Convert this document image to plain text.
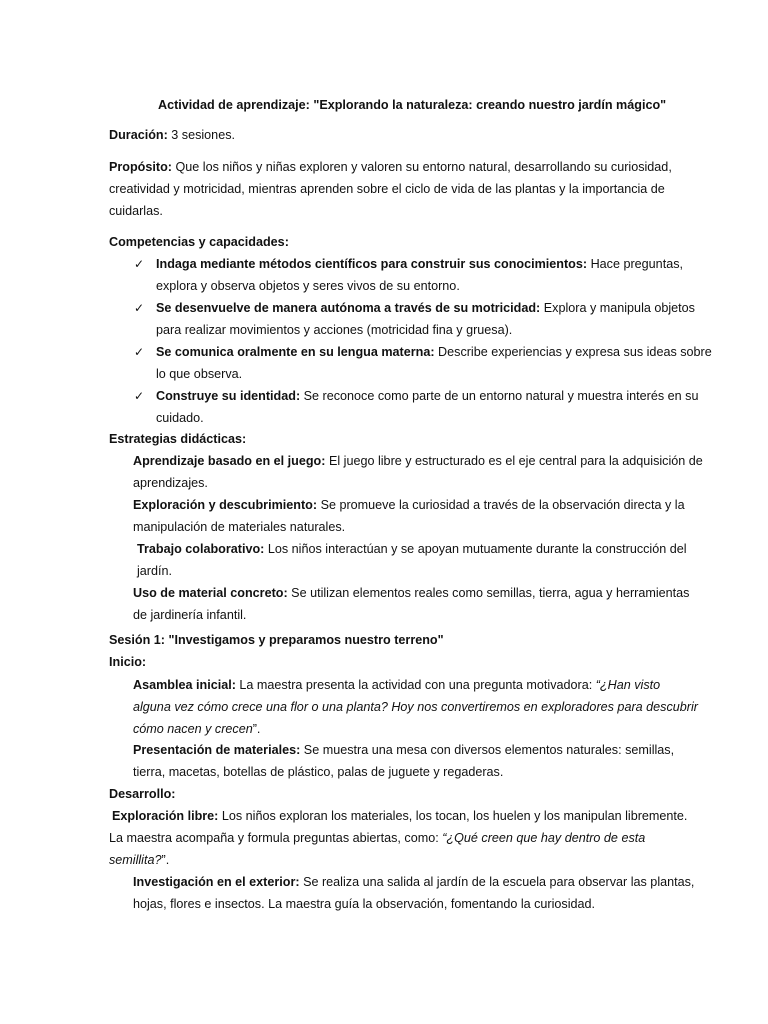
Actividad de aprendizaje: "Explorando la naturaleza: creando nuestro jardín mágico"
Duración: 3 sesiones.
Propósito: Que los niños y niñas exploren y valoren su entorno natural, desarrollando su curiosidad,
creatividad y motricidad, mientras aprenden sobre el ciclo de vida de las plantas y la importancia de
cuidarlas.
Competencias y capacidades:
✓ Indaga mediante métodos científicos para construir sus conocimientos: Hace preguntas,
explora y observa objetos y seres vivos de su entorno.
✓ Se desenvuelve de manera autónoma a través de su motricidad: Explora y manipula objetos
para realizar movimientos y acciones (motricidad fina y gruesa).
✓ Se comunica oralmente en su lengua materna: Describe experiencias y expresa sus ideas sobre
lo que observa.
✓ Construye su identidad: Se reconoce como parte de un entorno natural y muestra interés en su
cuidado.
Estrategias didácticas:
Aprendizaje basado en el juego: El juego libre y estructurado es el eje central para la adquisición de
aprendizajes.
Exploración y descubrimiento: Se promueve la curiosidad a través de la observación directa y la
manipulación de materiales naturales.
Trabajo colaborativo: Los niños interactúan y se apoyan mutuamente durante la construcción del
jardín.
Uso de material concreto: Se utilizan elementos reales como semillas, tierra, agua y herramientas
de jardinería infantil.
Sesión 1: "Investigamos y preparamos nuestro terreno"
Inicio:
Asamblea inicial: La maestra presenta la actividad con una pregunta motivadora: “¿Han visto
alguna vez cómo crece una flor o una planta? Hoy nos convertiremos en exploradores para descubrir
cómo nacen y crecen”.
Presentación de materiales: Se muestra una mesa con diversos elementos naturales: semillas,
tierra, macetas, botellas de plástico, palas de juguete y regaderas.
Desarrollo:
Exploración libre: Los niños exploran los materiales, los tocan, los huelen y los manipulan libremente.
La maestra acompaña y formula preguntas abiertas, como: “¿Qué creen que hay dentro de esta
semillita?”.
Investigación en el exterior: Se realiza una salida al jardín de la escuela para observar las plantas,
hojas, flores e insectos. La maestra guía la observación, fomentando la curiosidad.
